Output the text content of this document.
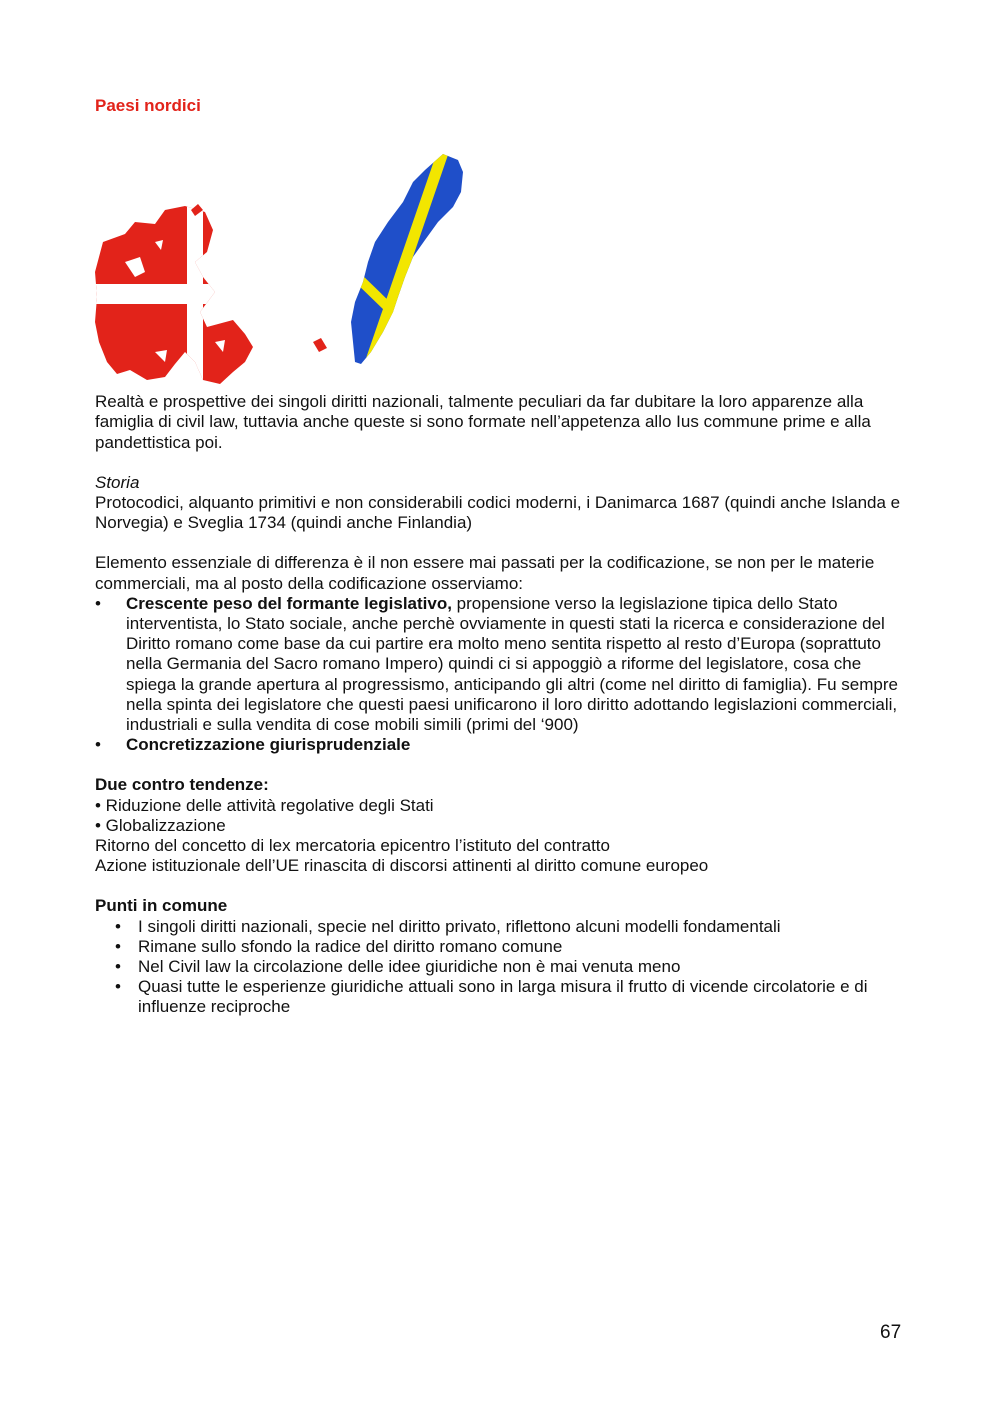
Paesi nordici

Realtà e prospettive dei singoli diritti nazionali, talmente peculiari da far dubitare la loro apparenze alla famiglia di civil law, tuttavia anche queste si sono formate nell’appetenza allo Ius commune prime e alla pandettistica poi.

Storia

Protocodici, alquanto primitivi e non considerabili codici moderni, i Danimarca 1687 (quindi anche Islanda e Norvegia) e Sveglia 1734 (quindi anche Finlandia)

Elemento essenziale di differenza è il non essere mai passati per la codificazione, se non per le materie commerciali, ma al posto della codificazione osserviamo:

• Crescente peso del formante legislativo, propensione verso la legislazione tipica dello Stato interventista, lo Stato sociale, anche perchè ovviamente in questi stati la ricerca e considerazione del Diritto romano come base da cui partire era molto meno sentita rispetto al resto d’Europa (soprattuto nella Germania del Sacro romano Impero) quindi ci si appoggiò a riforme del legislatore, cosa che spiega la grande apertura al progressismo, anticipando gli altri (come nel diritto di famiglia). Fu sempre nella spinta dei legislatore che questi paesi unificarono il loro diritto adottando legislazioni commerciali, industriali e sulla vendita di cose mobili simili (primi del ‘900)
• Concretizzazione giurisprudenziale

Due contro tendenze:

• Riduzione delle attività regolative degli Stati

• Globalizzazione

Ritorno del concetto di lex mercatoria epicentro l’istituto del contratto

Azione istituzionale dell’UE rinascita di discorsi attinenti al diritto comune europeo

Punti in comune

• I singoli diritti nazionali, specie nel diritto privato, riflettono alcuni modelli fondamentali
• Rimane sullo sfondo la radice del diritto romano comune
• Nel Civil law la circolazione delle idee giuridiche non è mai venuta meno
• Quasi tutte le esperienze giuridiche attuali sono in larga misura il frutto di vicende circolatorie e di influenze reciproche
67
